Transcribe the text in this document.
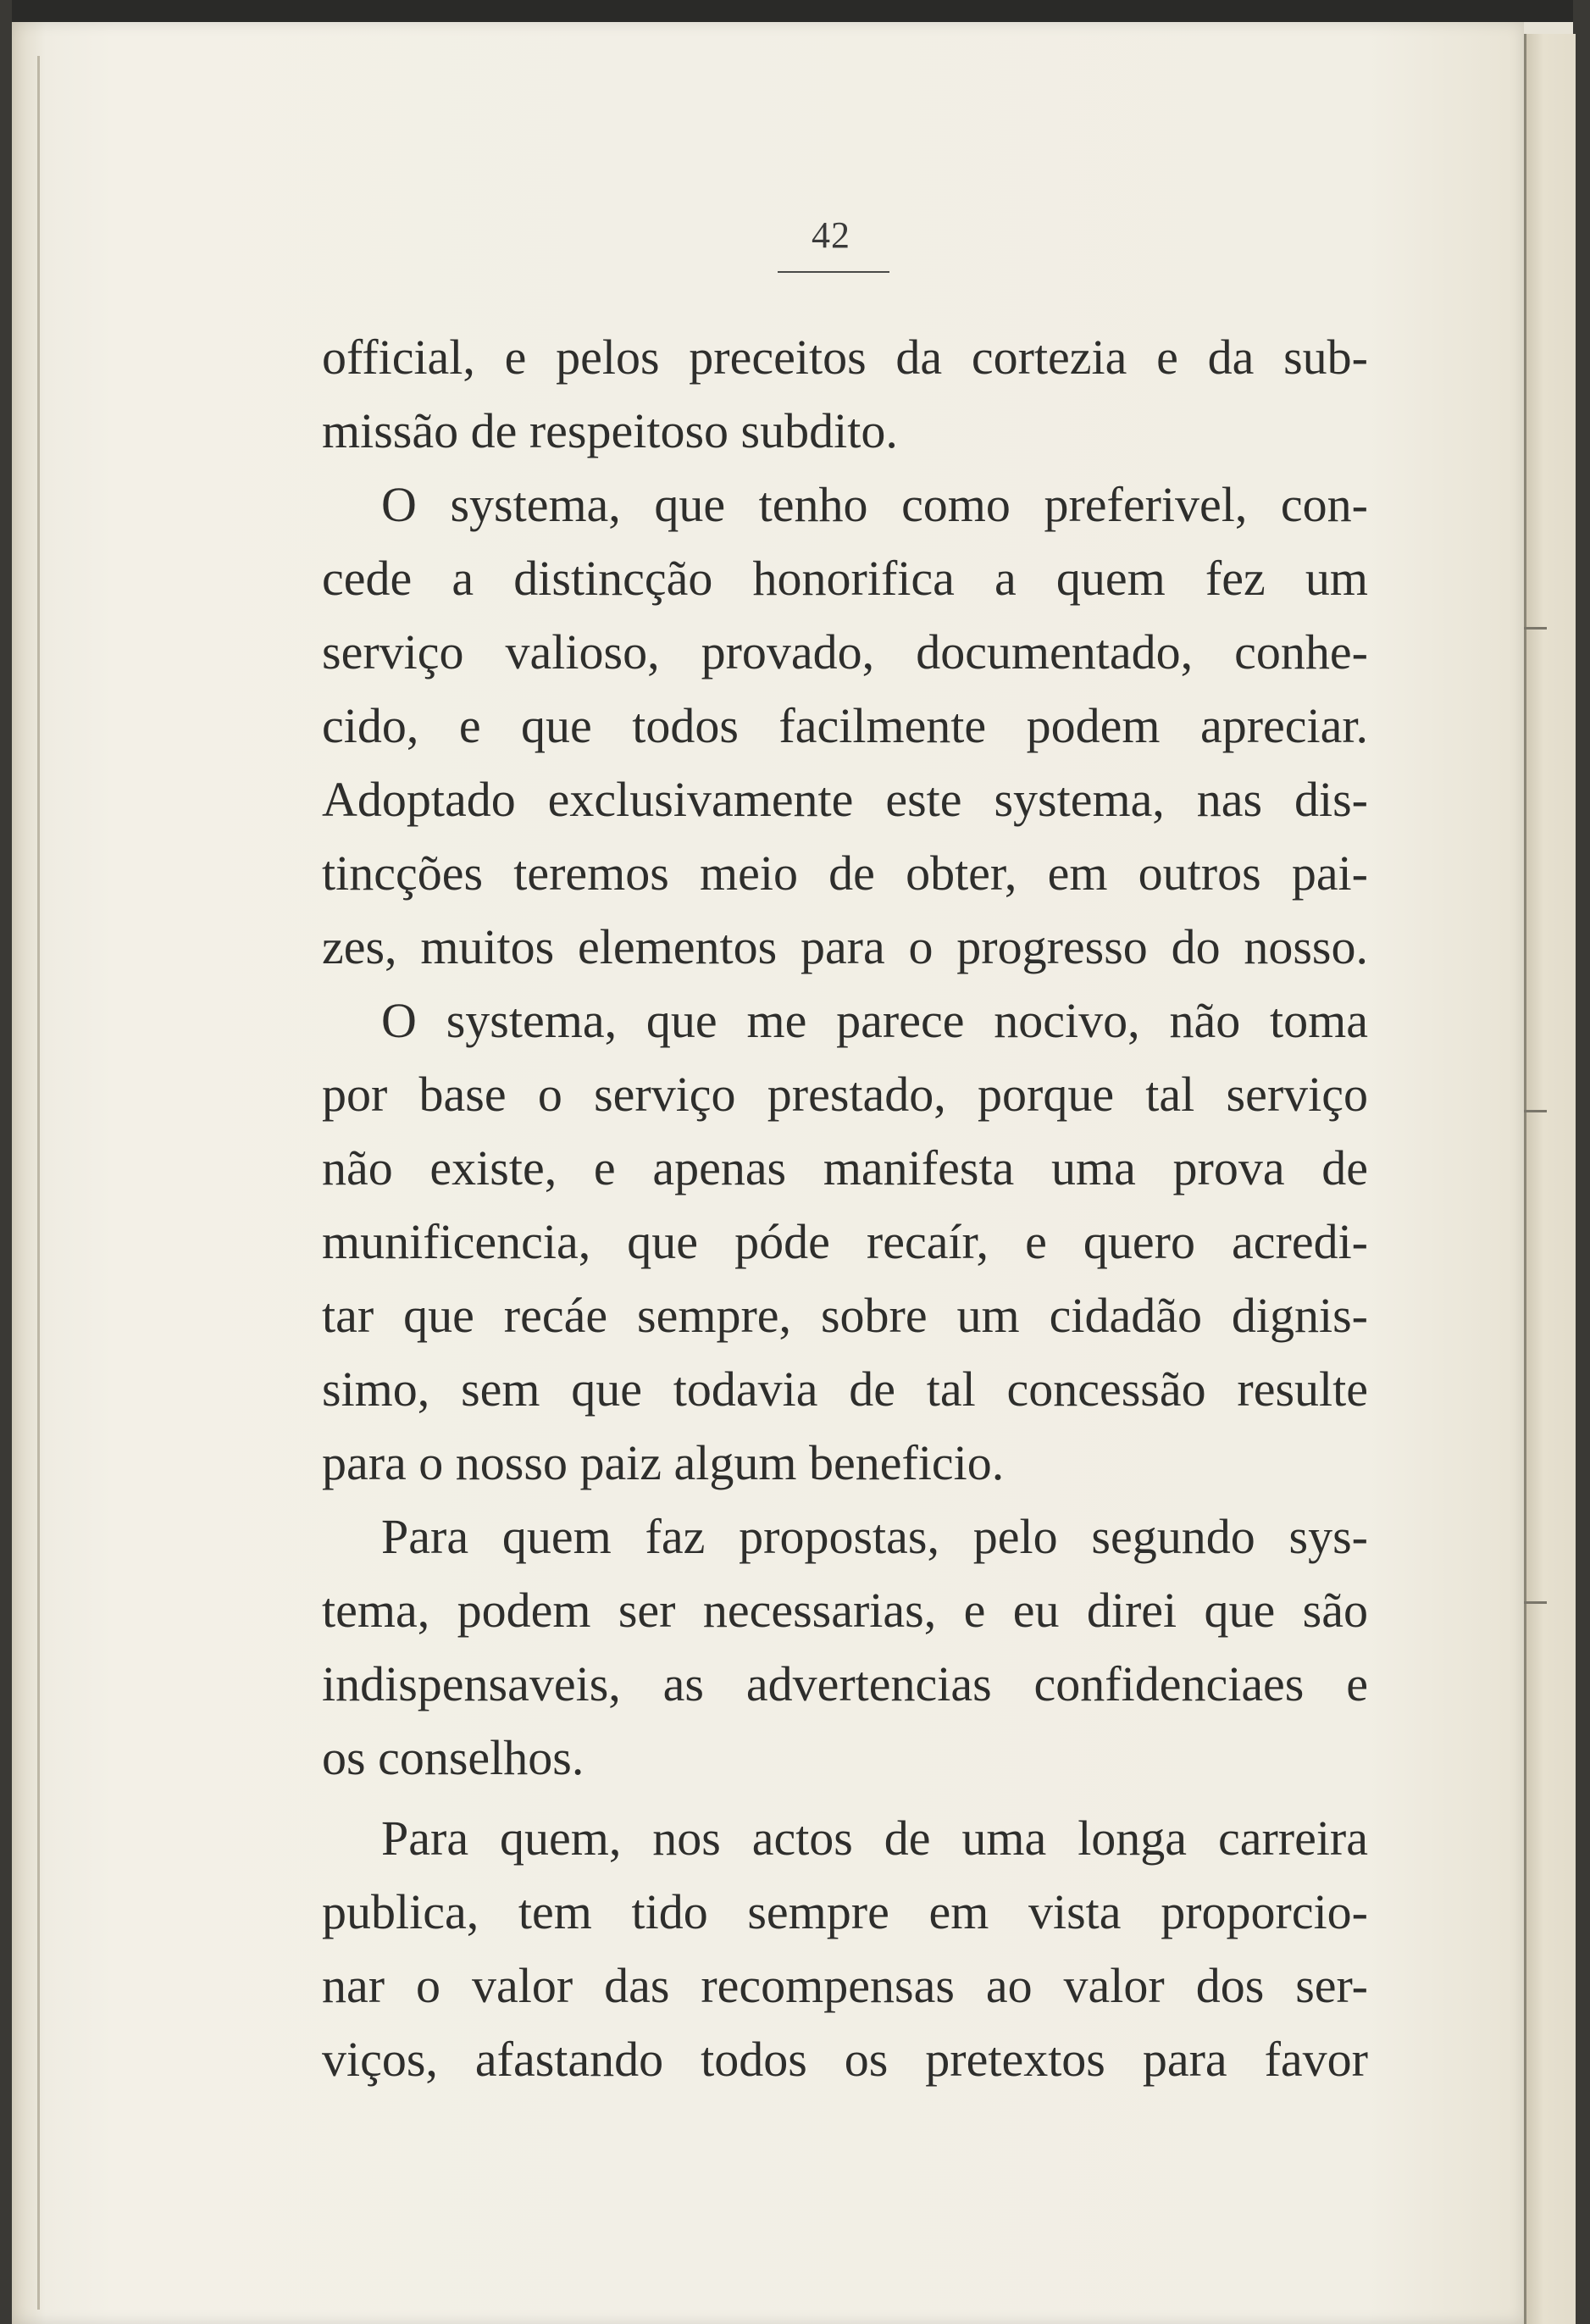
42
official, e pelos preceitos da cortezia e da sub-
missão de respeitoso subdito.
O systema, que tenho como preferivel, con-
cede a distincção honorifica a quem fez um
serviço valioso, provado, documentado, conhe-
cido, e que todos facilmente podem apreciar.
Adoptado exclusivamente este systema, nas dis-
tincções teremos meio de obter, em outros pai-
zes, muitos elementos para o progresso do nosso.
O systema, que me parece nocivo, não toma
por base o serviço prestado, porque tal serviço
não existe, e apenas manifesta uma prova de
munificencia, que póde recaír, e quero acredi-
tar que recáe sempre, sobre um cidadão dignis-
simo, sem que todavia de tal concessão resulte
para o nosso paiz algum beneficio.
Para quem faz propostas, pelo segundo sys-
tema, podem ser necessarias, e eu direi que são
indispensaveis, as advertencias confidenciaes e
os conselhos.
Para quem, nos actos de uma longa carreira
publica, tem tido sempre em vista proporcio-
nar o valor das recompensas ao valor dos ser-
viços, afastando todos os pretextos para favor
